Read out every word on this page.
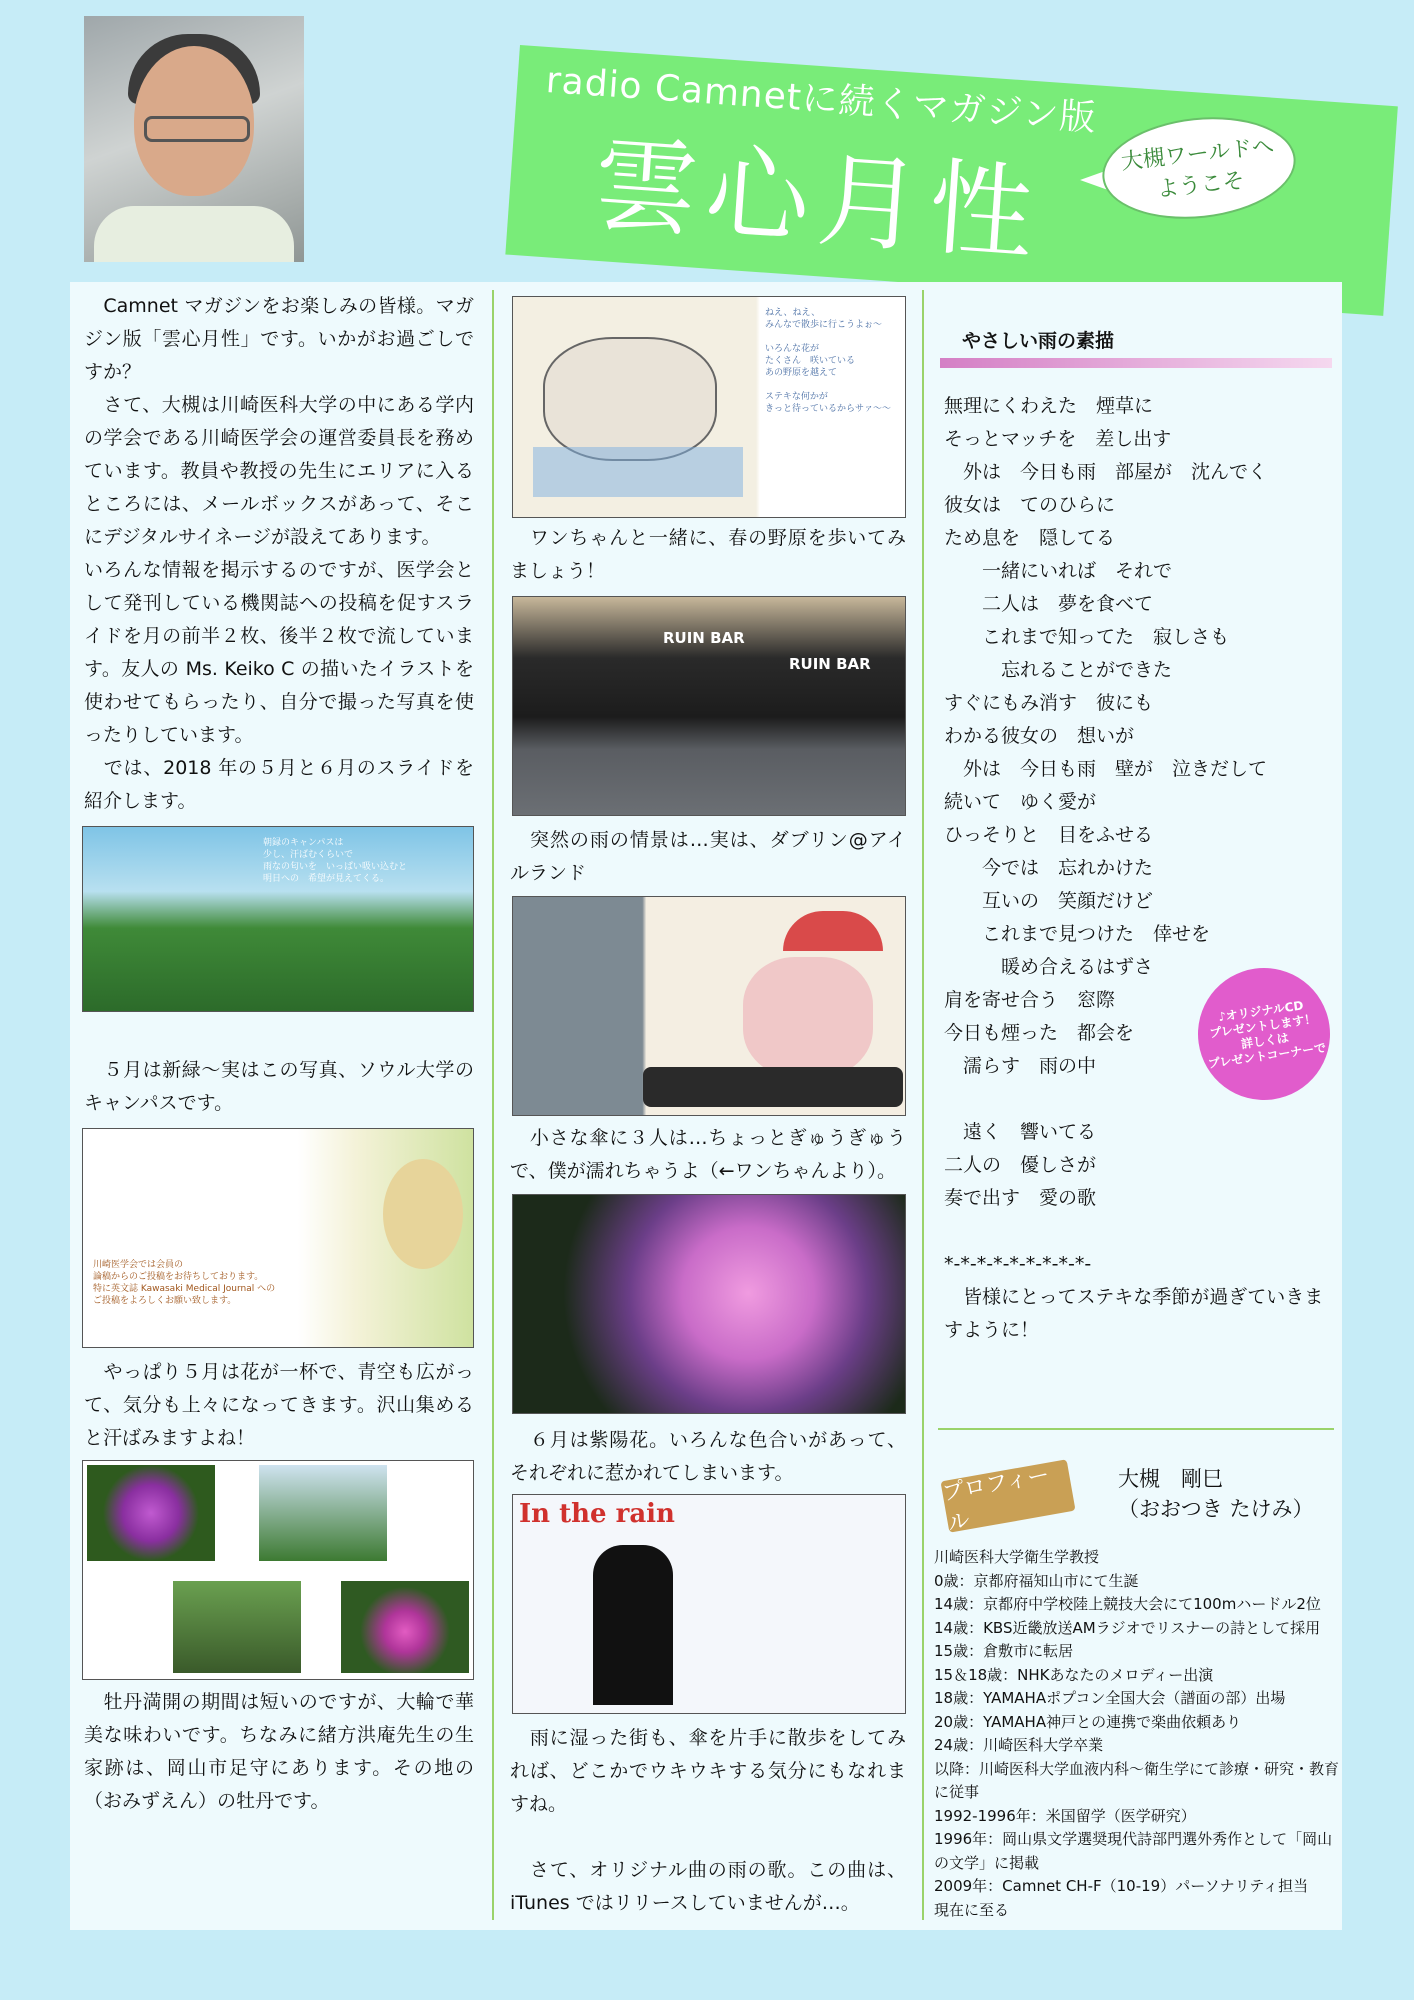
radio Camnetに続くマガジン版
雲心月性	大槻ワールドへ
ようこそ

　Camnet マガジンをお楽しみの皆様。マガジン版「雲心月性」です。いかがお過ごしですか？

　さて、大槻は川崎医科大学の中にある学内の学会である川崎医学会の運営委員長を務めています。教員や教授の先生にエリアに入るところには、メールボックスがあって、そこにデジタルサイネージが設えてあります。

いろんな情報を掲示するのですが、医学会として発刊している機関誌への投稿を促すスライドを月の前半２枚、後半２枚で流しています。友人の Ms. Keiko C の描いたイラストを使わせてもらったり、自分で撮った写真を使ったりしています。

　では、2018 年の５月と６月のスライドを紹介します。

朝録のキャンパスは
少し、汗ばむくらいで
雨なの匂いを　いっぱい吸い込むと
明日への　希望が見えてくる。
　５月は新緑～実はこの写真、ソウル大学のキャンパスです。
川崎医学会では会員の
論稿からのご投稿をお待ちしております。
特に英文誌 Kawasaki Medical Journal への
ご投稿をよろしくお願い致します。
　やっぱり５月は花が一杯で、青空も広がって、気分も上々になってきます。沢山集めると汗ばみますよね！
　牡丹満開の期間は短いのですが、大輪で華美な味わいです。ちなみに緒方洪庵先生の生家跡は、岡山市足守にあります。その地の（おみずえん）の牡丹です。
ねえ、ねえ、
みんなで散歩に行こうよぉ～

いろんな花が
たくさん　咲いている
あの野原を越えて

ステキな何かが
きっと待っているからサァ～～
　ワンちゃんと一緒に、春の野原を歩いてみましょう！
RUIN BAR
RUIN BAR
　突然の雨の情景は…実は、ダブリン@アイルランド
　小さな傘に３人は…ちょっとぎゅうぎゅうで、僕が濡れちゃうよ（←ワンちゃんより）。
　６月は紫陽花。いろんな色合いがあって、それぞれに惹かれてしまいます。
In the rain
　雨に湿った街も、傘を片手に散歩をしてみれば、どこかでウキウキする気分にもなれますね。
　さて、オリジナル曲の雨の歌。この曲は、iTunes ではリリースしていませんが…。
やさしい雨の素描

無理にくわえた　煙草に

そっとマッチを　差し出す

　外は　今日も雨　部屋が　沈んでく

彼女は　てのひらに

ため息を　隠してる

　　一緒にいれば　それで

　　二人は　夢を食べて

　　これまで知ってた　寂しさも

　　　忘れることができた

すぐにもみ消す　彼にも

わかる彼女の　想いが

　外は　今日も雨　壁が　泣きだして

続いて　ゆく愛が

ひっそりと　目をふせる

　　今では　忘れかけた

　　互いの　笑顔だけど

　　これまで見つけた　倖せを

　　　暖め合えるはずさ

肩を寄せ合う　窓際

今日も煙った　都会を

　濡らす　雨の中

　遠く　響いてる

二人の　優しさが

奏で出す　愛の歌

*-*-*-*-*-*-*-*-*-

　皆様にとってステキな季節が過ぎていきますように！

♪オリジナルCD
プレゼントします！
詳しくは
プレゼントコーナーで
プロフィール
大槻　剛巳
（おおつき たけみ）

川崎医科大学衛生学教授

0歳：京都府福知山市にて生誕

14歳：京都府中学校陸上競技大会にて100mハードル2位

14歳：KBS近畿放送AMラジオでリスナーの詩として採用

15歳：倉敷市に転居

15＆18歳：NHKあなたのメロディー出演

18歳：YAMAHAポプコン全国大会（譜面の部）出場

20歳：YAMAHA神戸との連携で楽曲依頼あり

24歳：川崎医科大学卒業

以降：川崎医科大学血液内科～衛生学にて診療・研究・教育に従事

1992-1996年：米国留学（医学研究）

1996年：岡山県文学選奨現代詩部門選外秀作として「岡山の文学」に掲載

2009年：Camnet CH-F（10-19）パーソナリティ担当

現在に至る
